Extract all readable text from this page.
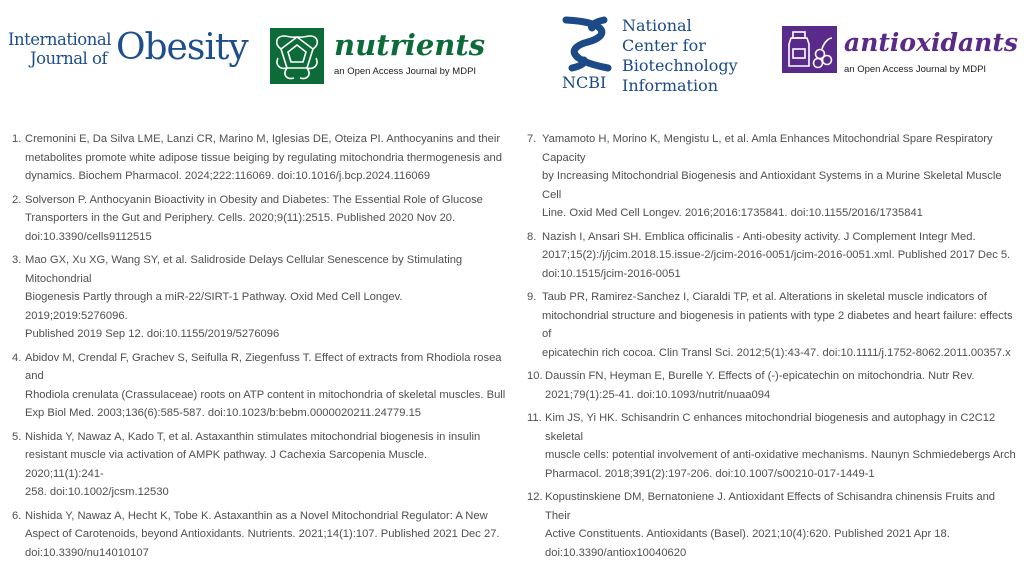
International
Journal of Obesity	nutrients
an Open Access Journal by MDPI
NCBI
National
Center for
Biotechnology
Information
antioxidants
an Open Access Journal by MDPI
1. Cremonini E, Da Silva LME, Lanzi CR, Marino M, Iglesias DE, Oteiza PI. Anthocyanins and their
metabolites promote white adipose tissue beiging by regulating mitochondria thermogenesis and
dynamics. Biochem Pharmacol. 2024;222:116069. doi:10.1016/j.bcp.2024.116069
2. Solverson P. Anthocyanin Bioactivity in Obesity and Diabetes: The Essential Role of Glucose
Transporters in the Gut and Periphery. Cells. 2020;9(11):2515. Published 2020 Nov 20.
doi:10.3390/cells9112515
3. Mao GX, Xu XG, Wang SY, et al. Salidroside Delays Cellular Senescence by Stimulating Mitochondrial
Biogenesis Partly through a miR-22/SIRT-1 Pathway. Oxid Med Cell Longev. 2019;2019:5276096.
Published 2019 Sep 12. doi:10.1155/2019/5276096
4. Abidov M, Crendal F, Grachev S, Seifulla R, Ziegenfuss T. Effect of extracts from Rhodiola rosea and
Rhodiola crenulata (Crassulaceae) roots on ATP content in mitochondria of skeletal muscles. Bull
Exp Biol Med. 2003;136(6):585-587. doi:10.1023/b:bebm.0000020211.24779.15
5. Nishida Y, Nawaz A, Kado T, et al. Astaxanthin stimulates mitochondrial biogenesis in insulin
resistant muscle via activation of AMPK pathway. J Cachexia Sarcopenia Muscle. 2020;11(1):241-
258. doi:10.1002/jcsm.12530
6. Nishida Y, Nawaz A, Hecht K, Tobe K. Astaxanthin as a Novel Mitochondrial Regulator: A New
Aspect of Carotenoids, beyond Antioxidants. Nutrients. 2021;14(1):107. Published 2021 Dec 27.
doi:10.3390/nu14010107
7. Yamamoto H, Morino K, Mengistu L, et al. Amla Enhances Mitochondrial Spare Respiratory Capacity
by Increasing Mitochondrial Biogenesis and Antioxidant Systems in a Murine Skeletal Muscle Cell
Line. Oxid Med Cell Longev. 2016;2016:1735841. doi:10.1155/2016/1735841
8. Nazish I, Ansari SH. Emblica officinalis - Anti-obesity activity. J Complement Integr Med.
2017;15(2):/j/jcim.2018.15.issue-2/jcim-2016-0051/jcim-2016-0051.xml. Published 2017 Dec 5.
doi:10.1515/jcim-2016-0051
9. Taub PR, Ramirez-Sanchez I, Ciaraldi TP, et al. Alterations in skeletal muscle indicators of
mitochondrial structure and biogenesis in patients with type 2 diabetes and heart failure: effects of
epicatechin rich cocoa. Clin Transl Sci. 2012;5(1):43-47. doi:10.1111/j.1752-8062.2011.00357.x
10. Daussin FN, Heyman E, Burelle Y. Effects of (-)-epicatechin on mitochondria. Nutr Rev.
2021;79(1):25-41. doi:10.1093/nutrit/nuaa094
11. Kim JS, Yi HK. Schisandrin C enhances mitochondrial biogenesis and autophagy in C2C12 skeletal
muscle cells: potential involvement of anti-oxidative mechanisms. Naunyn Schmiedebergs Arch
Pharmacol. 2018;391(2):197-206. doi:10.1007/s00210-017-1449-1
12. Kopustinskiene DM, Bernatoniene J. Antioxidant Effects of Schisandra chinensis Fruits and Their
Active Constituents. Antioxidants (Basel). 2021;10(4):620. Published 2021 Apr 18.
doi:10.3390/antiox10040620
